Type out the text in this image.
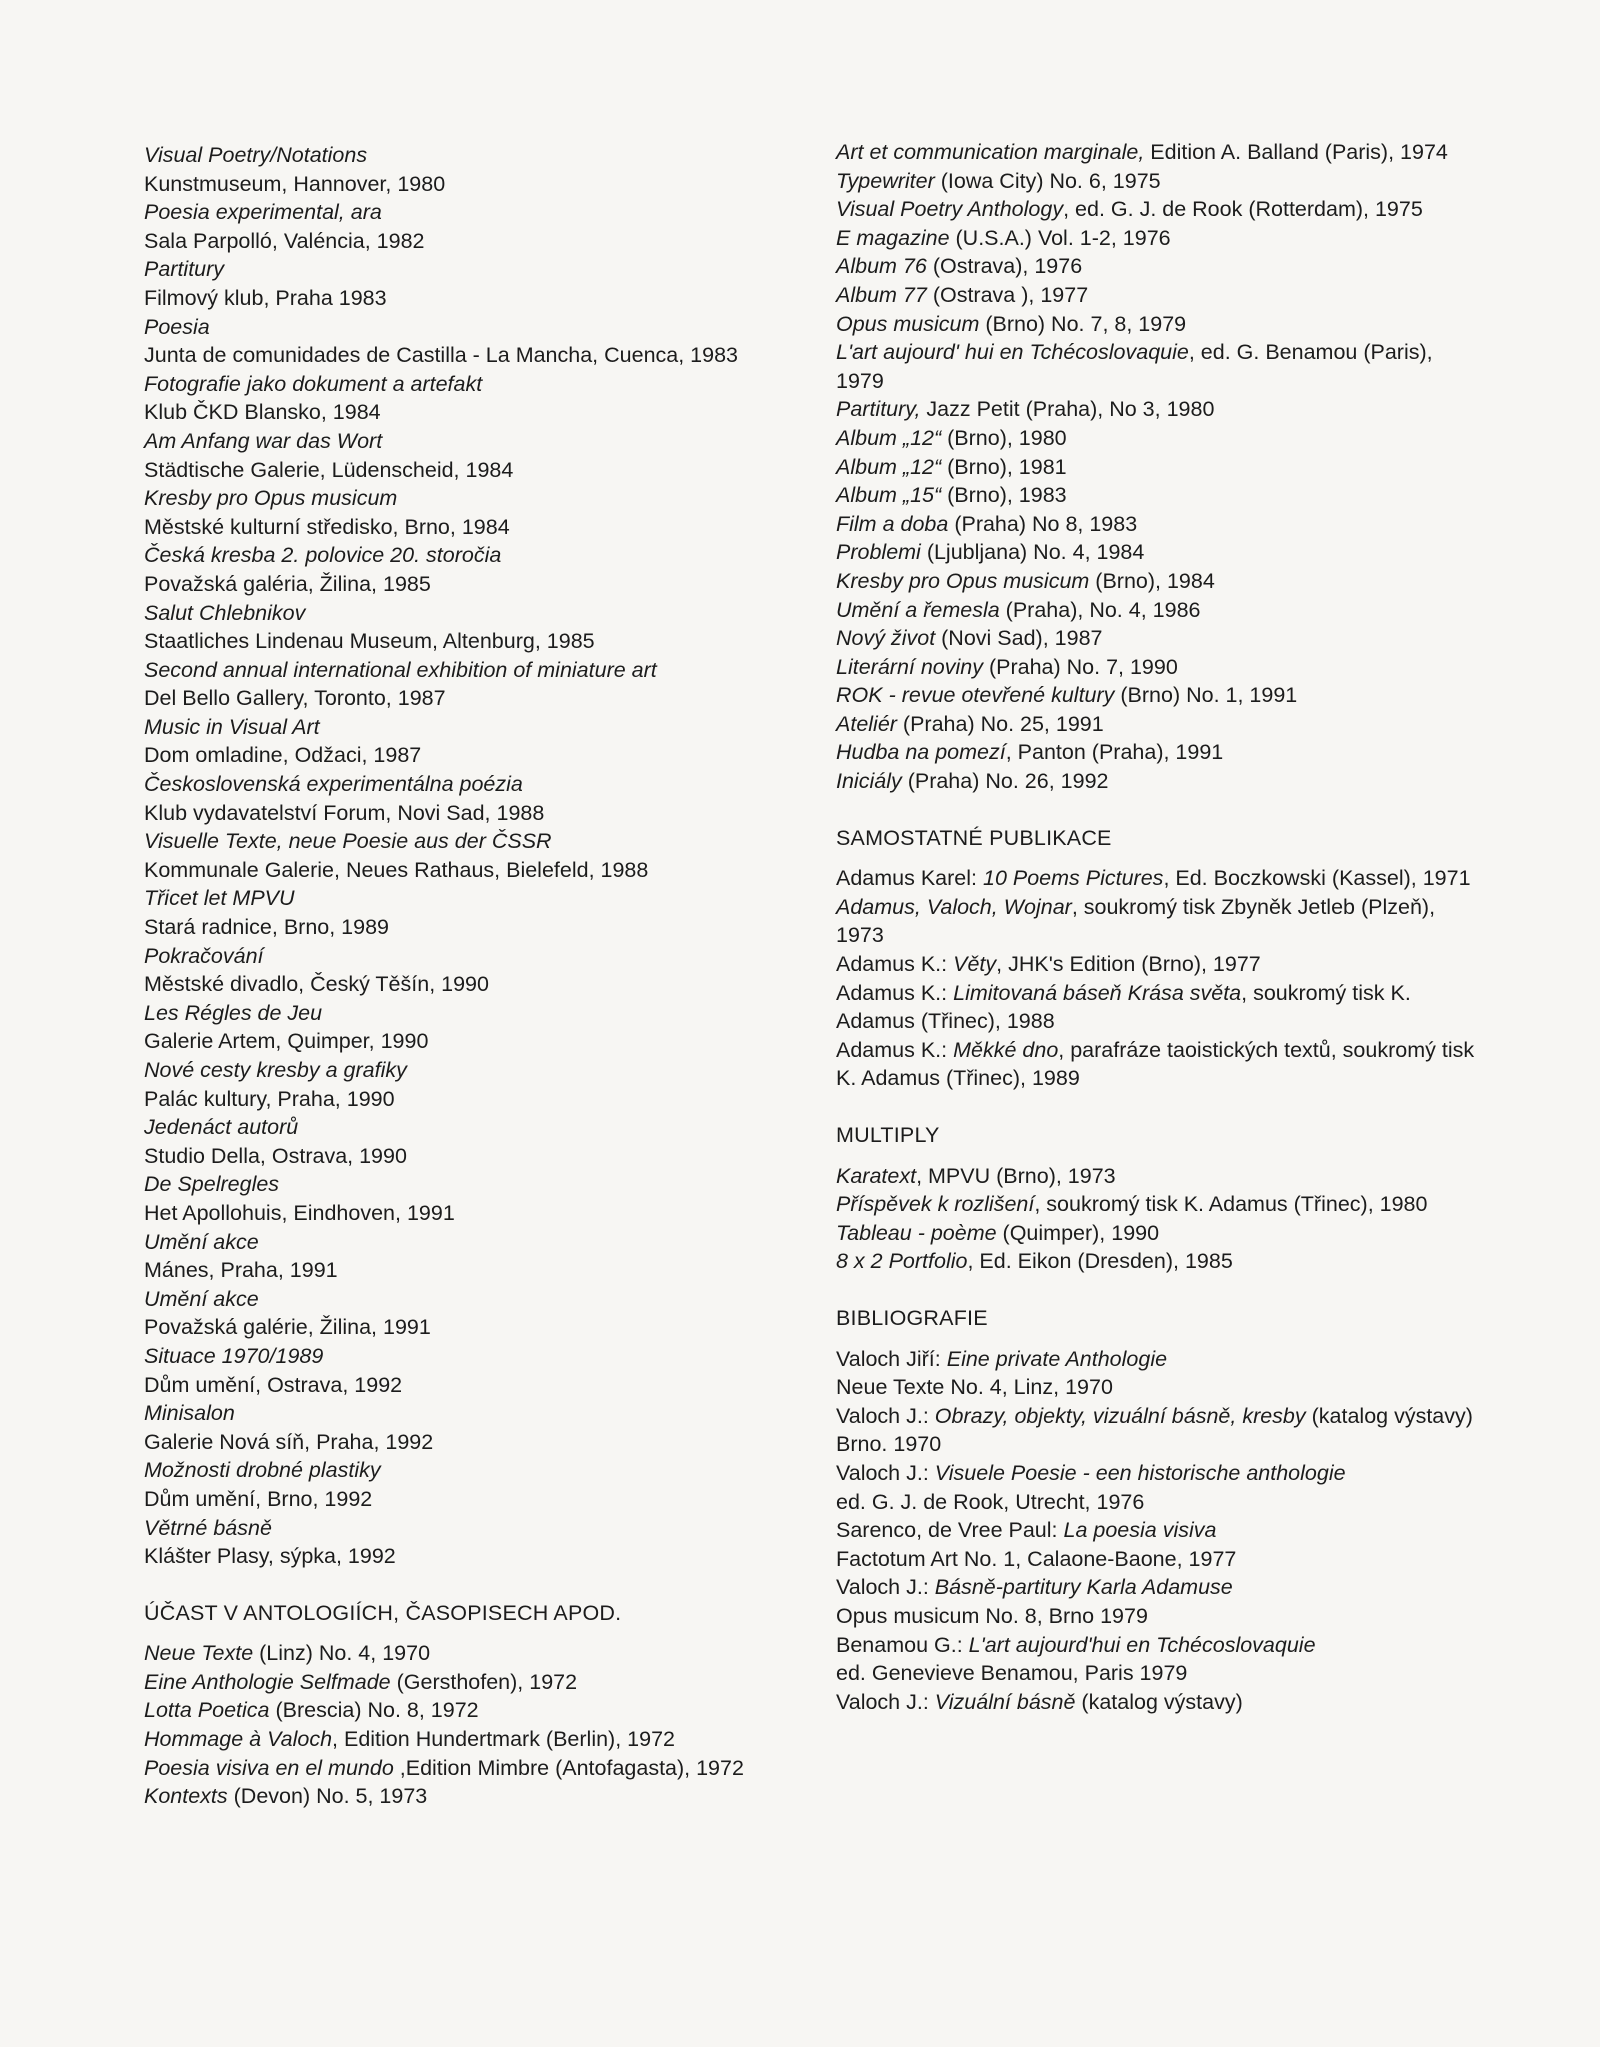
Visual Poetry/Notations
Kunstmuseum, Hannover, 1980
Poesia experimental, ara
Sala Parpolló, Valéncia, 1982
Partitury
Filmový klub, Praha 1983
Poesia
Junta de comunidades de Castilla - La Mancha, Cuenca, 1983
Fotografie jako dokument a artefakt
Klub ČKD Blansko, 1984
Am Anfang war das Wort
Städtische Galerie, Lüdenscheid, 1984
Kresby pro Opus musicum
Městské kulturní středisko, Brno, 1984
Česká kresba 2. polovice 20. storočia
Považská galéria, Žilina, 1985
Salut Chlebnikov
Staatliches Lindenau Museum, Altenburg, 1985
Second annual international exhibition of miniature art
Del Bello Gallery, Toronto, 1987
Music in Visual Art
Dom omladine, Odžaci, 1987
Československá experimentálna poézia
Klub vydavatelství Forum, Novi Sad, 1988
Visuelle Texte, neue Poesie aus der ČSSR
Kommunale Galerie, Neues Rathaus, Bielefeld, 1988
Třicet let MPVU
Stará radnice, Brno, 1989
Pokračování
Městské divadlo, Český Těšín, 1990
Les Régles de Jeu
Galerie Artem, Quimper, 1990
Nové cesty kresby a grafiky
Palác kultury, Praha, 1990
Jedenáct autorů
Studio Della, Ostrava, 1990
De Spelregles
Het Apollohuis, Eindhoven, 1991
Umění akce
Mánes, Praha, 1991
Umění akce
Považská galérie, Žilina, 1991
Situace 1970/1989
Dům umění, Ostrava, 1992
Minisalon
Galerie Nová síň, Praha, 1992
Možnosti drobné plastiky
Dům umění, Brno, 1992
Větrné básně
Klášter Plasy, sýpka, 1992
ÚČAST V ANTOLOGIÍCH, ČASOPISECH APOD.
Neue Texte (Linz) No. 4, 1970
Eine Anthologie Selfmade (Gersthofen), 1972
Lotta Poetica (Brescia) No. 8, 1972
Hommage à Valoch, Edition Hundertmark (Berlin), 1972
Poesia visiva en el mundo ,Edition Mimbre (Antofagasta), 1972
Kontexts (Devon) No. 5, 1973
Art et communication marginale, Edition A. Balland (Paris), 1974
Typewriter (Iowa City) No. 6, 1975
Visual Poetry Anthology, ed. G. J. de Rook (Rotterdam), 1975
E magazine (U.S.A.) Vol. 1-2, 1976
Album 76 (Ostrava), 1976
Album 77 (Ostrava ), 1977
Opus musicum (Brno) No. 7, 8, 1979
L'art aujourd' hui en Tchécoslovaquie, ed. G. Benamou (Paris), 1979
Partitury, Jazz Petit (Praha), No 3, 1980
Album „12“ (Brno), 1980
Album „12“ (Brno), 1981
Album „15“ (Brno), 1983
Film a doba (Praha) No 8, 1983
Problemi (Ljubljana) No. 4, 1984
Kresby pro Opus musicum (Brno), 1984
Umění a řemesla (Praha), No. 4, 1986
Nový život (Novi Sad), 1987
Literární noviny (Praha) No. 7, 1990
ROK - revue otevřené kultury (Brno) No. 1, 1991
Ateliér (Praha) No. 25, 1991
Hudba na pomezí, Panton (Praha), 1991
Iniciály (Praha) No. 26, 1992
SAMOSTATNÉ PUBLIKACE
Adamus Karel: 10 Poems Pictures, Ed. Boczkowski (Kassel), 1971
Adamus, Valoch, Wojnar, soukromý tisk Zbyněk Jetleb (Plzeň), 1973
Adamus K.: Věty, JHK's Edition (Brno), 1977
Adamus K.: Limitovaná báseň Krása světa, soukromý tisk K. Adamus (Třinec), 1988
Adamus K.: Měkké dno, parafráze taoistických textů, soukromý tisk K. Adamus (Třinec), 1989
MULTIPLY
Karatext, MPVU (Brno), 1973
Příspěvek k rozlišení, soukromý tisk K. Adamus (Třinec), 1980
Tableau - poème (Quimper), 1990
8 x 2 Portfolio, Ed. Eikon (Dresden), 1985
BIBLIOGRAFIE
Valoch Jiří: Eine private Anthologie
Neue Texte No. 4, Linz, 1970
Valoch J.: Obrazy, objekty, vizuální básně, kresby (katalog výstavy)
Brno. 1970
Valoch J.: Visuele Poesie - een historische anthologie
ed. G. J. de Rook, Utrecht, 1976
Sarenco, de Vree Paul: La poesia visiva
Factotum Art No. 1, Calaone-Baone, 1977
Valoch J.: Básně-partitury Karla Adamuse
Opus musicum No. 8, Brno 1979
Benamou G.: L'art aujourd'hui en Tchécoslovaquie
ed. Genevieve Benamou, Paris 1979
Valoch J.: Vizuální básně (katalog výstavy)
